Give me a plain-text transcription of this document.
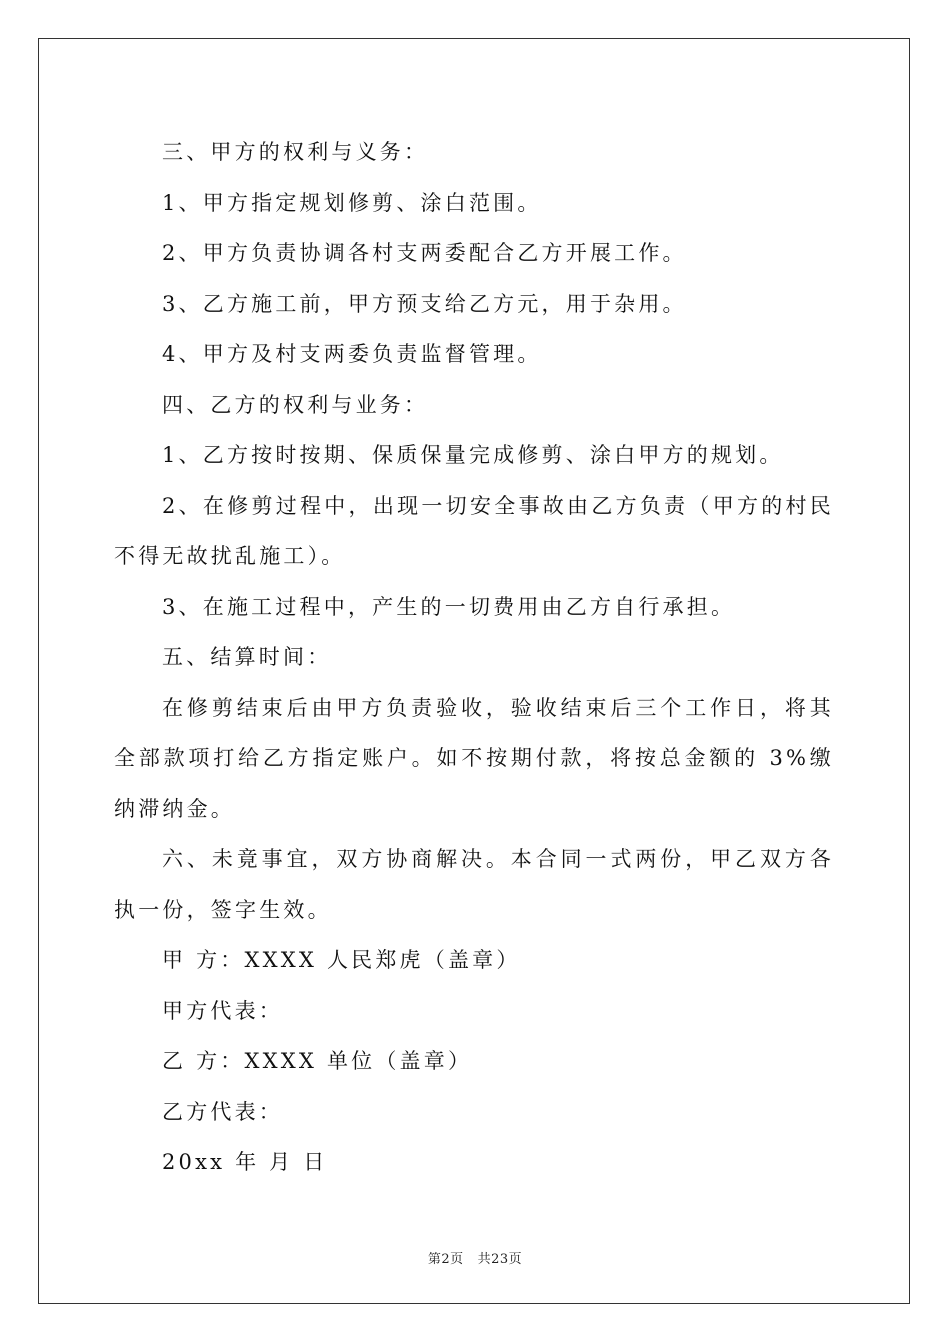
三、甲方的权利与义务：

1、甲方指定规划修剪、涂白范围。

2、甲方负责协调各村支两委配合乙方开展工作。

3、乙方施工前，甲方预支给乙方元，用于杂用。

4、甲方及村支两委负责监督管理。

四、乙方的权利与业务：

1、乙方按时按期、保质保量完成修剪、涂白甲方的规划。

2、在修剪过程中，出现一切安全事故由乙方负责（甲方的村民不得无故扰乱施工）。

3、在施工过程中，产生的一切费用由乙方自行承担。

五、结算时间：

在修剪结束后由甲方负责验收，验收结束后三个工作日，将其全部款项打给乙方指定账户。如不按期付款，将按总金额的 3%缴纳滞纳金。

六、未竟事宜，双方协商解决。本合同一式两份，甲乙双方各执一份，签字生效。

甲 方：XXXX 人民郑虎（盖章）

甲方代表：

乙 方：XXXX 单位（盖章）

乙方代表：

20xx 年 月 日

第2页 共23页
